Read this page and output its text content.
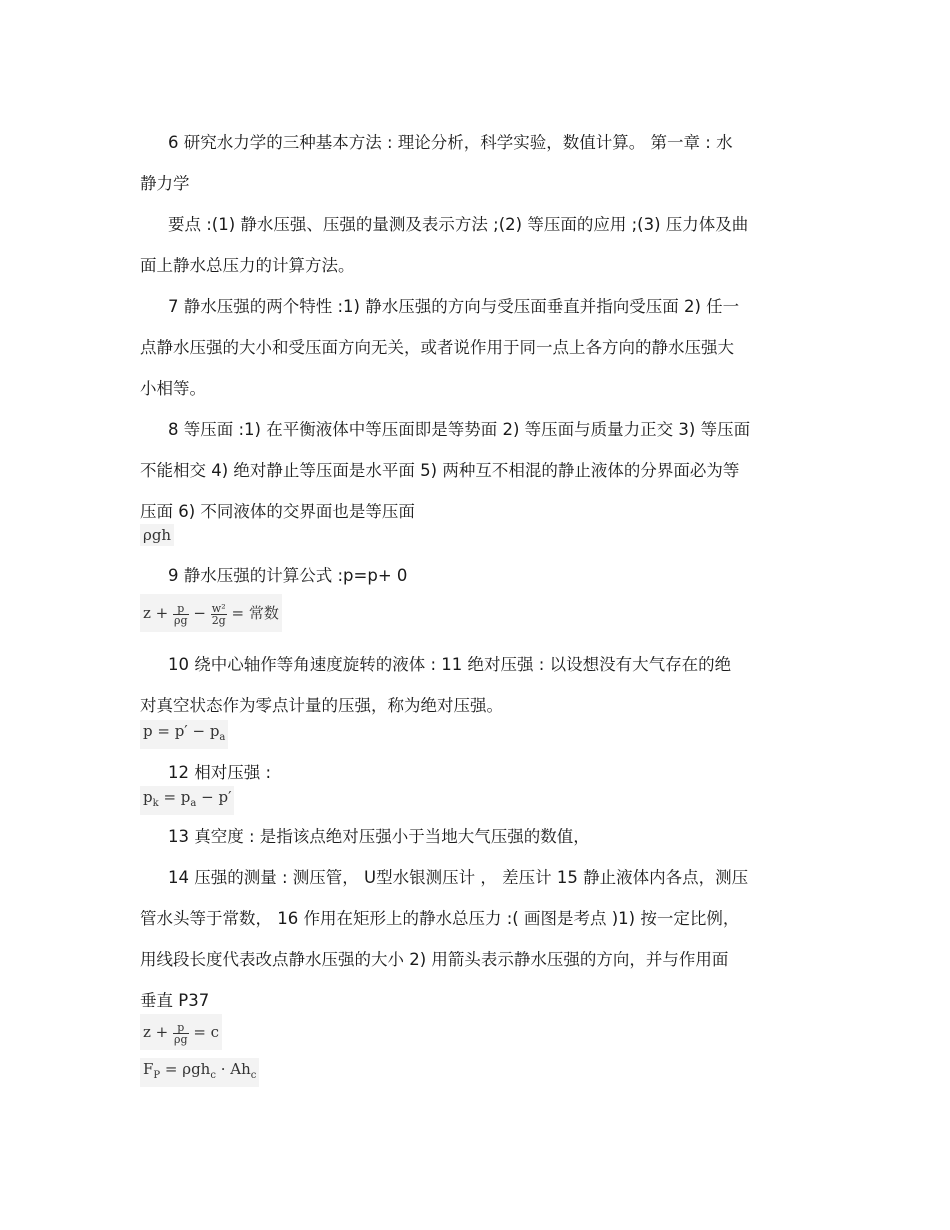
6 研究水力学的三种基本方法 : 理论分析，科学实验，数值计算。 第一章 : 水
静力学
要点 :(1) 静水压强、压强的量测及表示方法 ;(2) 等压面的应用 ;(3) 压力体及曲
面上静水总压力的计算方法。
7 静水压强的两个特性 :1) 静水压强的方向与受压面垂直并指向受压面 2) 任一
点静水压强的大小和受压面方向无关，或者说作用于同一点上各方向的静水压强大
小相等。
8 等压面 :1) 在平衡液体中等压面即是等势面 2) 等压面与质量力正交 3) 等压面
不能相交 4) 绝对静止等压面是水平面 5) 两种互不相混的静止液体的分界面必为等
压面 6) 不同液体的交界面也是等压面
ρgh
9 静水压强的计算公式 :p=p+ 0
$z + \frac{p}{\rho g} - \frac{\text{w²}}{2g}$ = 常数
10 绕中心轴作等角速度旋转的液体 : 11 绝对压强 : 以设想没有大气存在的绝
对真空状态作为零点计量的压强，称为绝对压强。
$p = p' - p_a$
12 相对压强 :
$p_k = p_a - p'$
13 真空度 : 是指该点绝对压强小于当地大气压强的数值，
14 压强的测量 : 测压管， U型水银测压计 ， 差压计 15 静止液体内各点，测压
管水头等于常数， 16 作用在矩形上的静水总压力 :( 画图是考点 )1) 按一定比例，
用线段长度代表改点静水压强的大小 2) 用箭头表示静水压强的方向，并与作用面
垂直 P37
$z + \frac{p}{\rho g} = c$
$F_P = \rho gh_c \cdot Ah_c$
